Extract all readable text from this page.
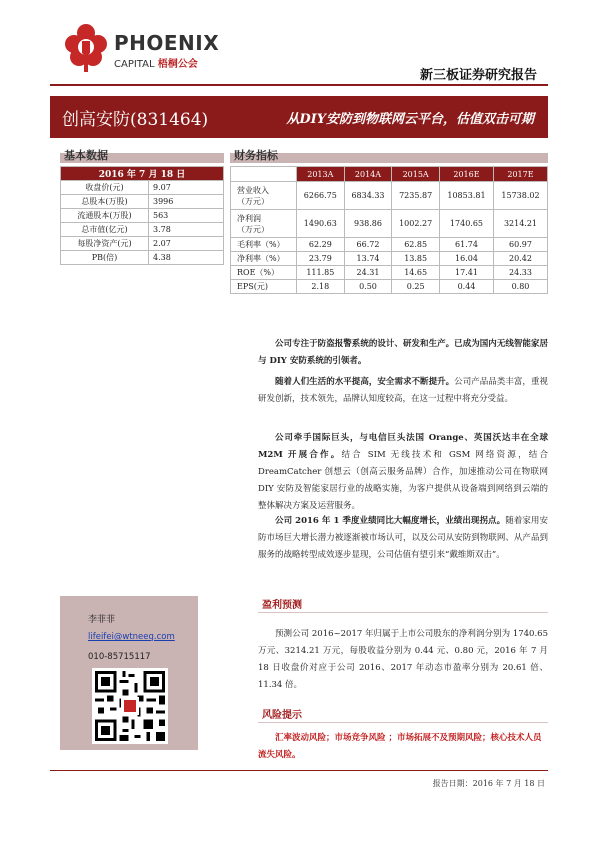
PHOENIX
CAPITAL 梧桐公会
新三板证券研究报告
创高安防(831464)	从DIY安防到物联网云平台，估值双击可期
基本数据	财务指标
2016 年 7 月 18 日	
收盘价(元)	9.07
总股本(万股)	3996
流通股本(万股)	563
总市值(亿元)	3.78
每股净资产(元)	2.07
PB(倍)	4.38
	2013A	2014A	2015A	2016E	2017E

营业收入
（万元）	6266.75	6834.33	7235.87	10853.81	15738.02

净利润
（万元）	1490.63	938.86	1002.27	1740.65	3214.21
毛利率（%）	62.29	66.72	62.85	61.74	60.97
净利率（%）	23.79	13.74	13.85	16.04	20.42
ROE（%）	111.85	24.31	14.65	17.41	24.33
EPS(元)	2.18	0.50	0.25	0.44	0.80
公司专注于防盗报警系统的设计、研发和生产。已成为国内无线智能家居与 DIY 安防系统的引领者。
随着人们生活的水平提高，安全需求不断提升。公司产品品类丰富，重视研发创新，技术领先，品牌认知度较高，在这一过程中将充分受益。
公司牵手国际巨头，与电信巨头法国 Orange、英国沃达丰在全球 M2M 开展合作。结合 SIM 无线技术和 GSM 网络资源，结合 DreamCatcher 创想云（创高云服务品牌）合作，加速推动公司在物联网 DIY 安防及智能家居行业的战略实施，为客户提供从设备端到网络到云端的整体解决方案及运营服务。
公司 2016 年 1 季度业绩同比大幅度增长，业绩出现拐点。随着家用安防市场巨大增长潜力被逐渐被市场认可，以及公司从安防到物联网、从产品到服务的战略转型成效逐步显现，公司估值有望引来“戴维斯双击”。
李菲菲
lifeifei@wtneeq.com
010-85715117
盈利预测
预测公司 2016~2017 年归属于上市公司股东的净利润分别为 1740.65 万元、3214.21 万元，每股收益分别为 0.44 元、0.80 元，2016 年 7 月 18 日收盘价对应于公司 2016、2017 年动态市盈率分别为 20.61 倍、11.34 倍。
风险提示
汇率波动风险；市场竞争风险 ；市场拓展不及预期风险；核心技术人员流失风险。
报告日期：2016 年 7 月 18 日
